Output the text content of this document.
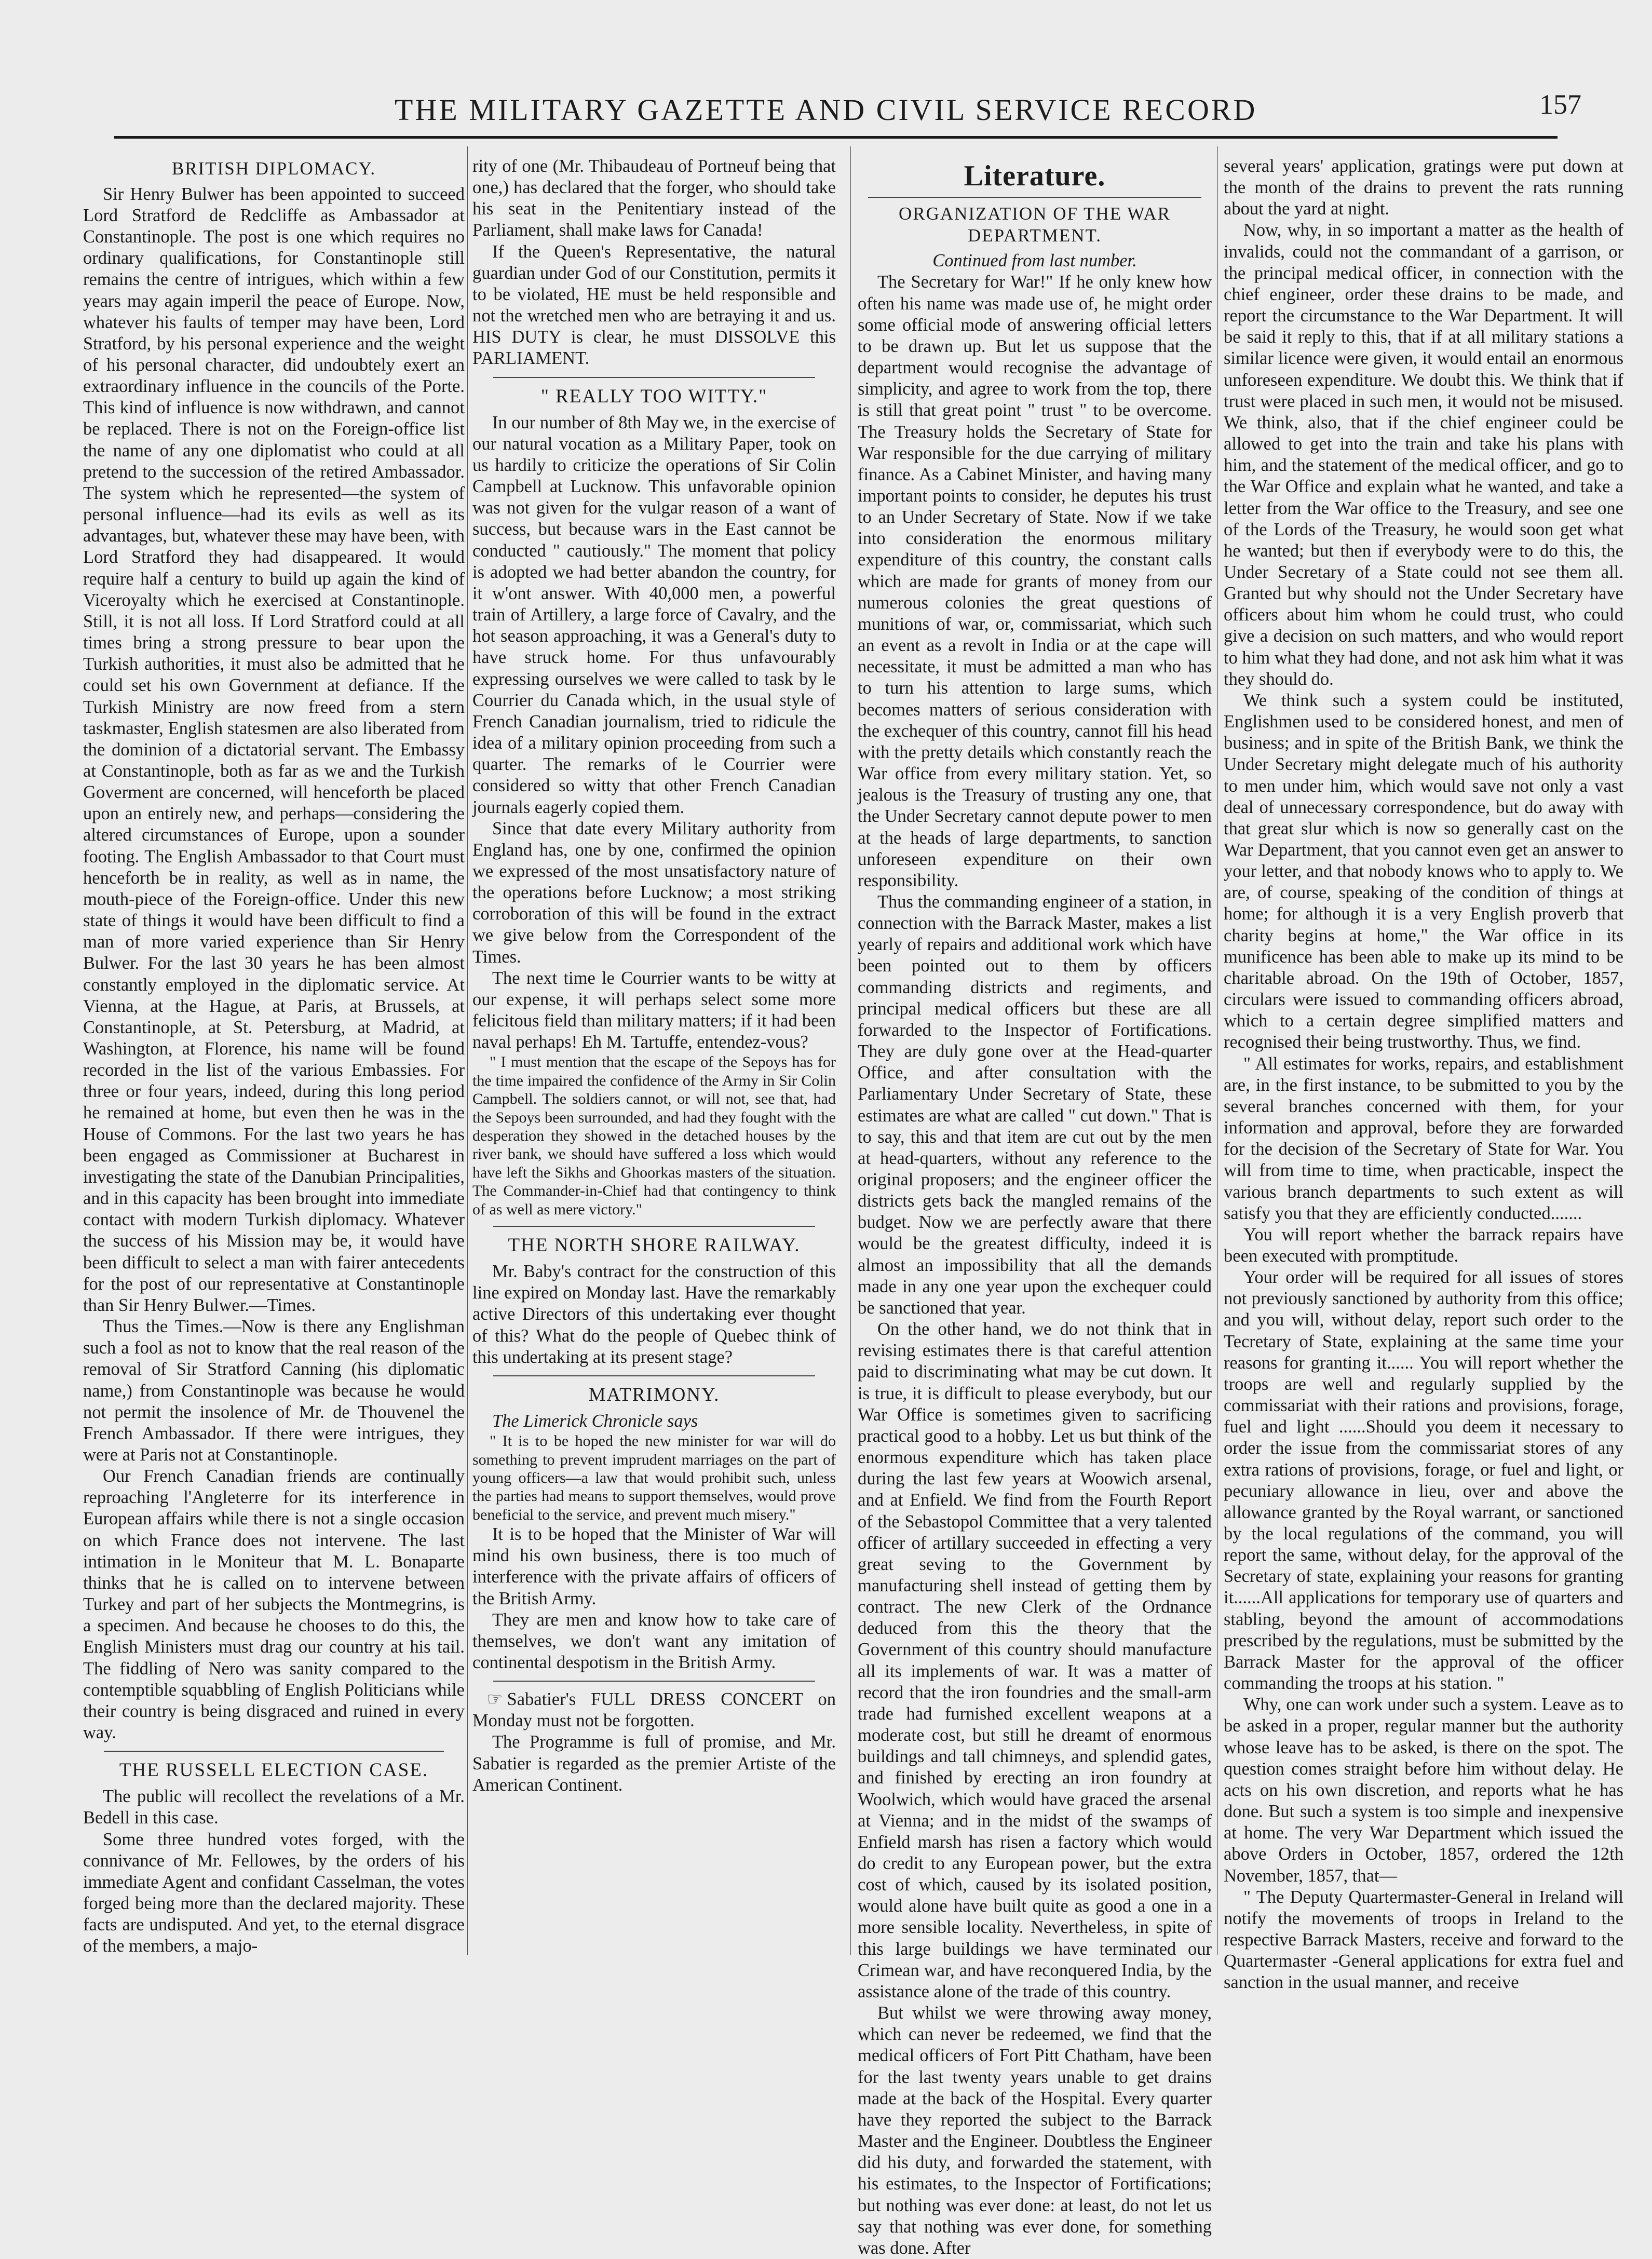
THE MILITARY GAZETTE AND CIVIL SERVICE RECORD	157
BRITISH DIPLOMACY.

Sir Henry Bulwer has been appointed to succeed Lord Stratford de Redcliffe as Ambassador at Constantinople. The post is one which requires no ordinary qualifications, for Constantinople still remains the centre of intrigues, which within a few years may again imperil the peace of Europe. Now, whatever his faults of temper may have been, Lord Stratford, by his personal experience and the weight of his personal character, did undoubtely exert an extraordinary influence in the councils of the Porte. This kind of influence is now withdrawn, and cannot be replaced. There is not on the Foreign-office list the name of any one diplomatist who could at all pretend to the succession of the retired Ambassador. The system which he represented—the system of personal influence—had its evils as well as its advantages, but, whatever these may have been, with Lord Stratford they had disappeared. It would require half a century to build up again the kind of Viceroyalty which he exercised at Constantinople. Still, it is not all loss. If Lord Stratford could at all times bring a strong pressure to bear upon the Turkish authorities, it must also be admitted that he could set his own Government at defiance. If the Turkish Ministry are now freed from a stern taskmaster, English statesmen are also liberated from the dominion of a dictatorial servant. The Embassy at Constantinople, both as far as we and the Turkish Goverment are concerned, will henceforth be placed upon an entirely new, and perhaps—considering the altered circumstances of Europe, upon a sounder footing. The English Ambassador to that Court must henceforth be in reality, as well as in name, the mouth-piece of the Foreign-office. Under this new state of things it would have been difficult to find a man of more varied experience than Sir Henry Bulwer. For the last 30 years he has been almost constantly employed in the diplomatic service. At Vienna, at the Hague, at Paris, at Brussels, at Constantinople, at St. Petersburg, at Madrid, at Washington, at Florence, his name will be found recorded in the list of the various Embassies. For three or four years, indeed, during this long period he remained at home, but even then he was in the House of Commons. For the last two years he has been engaged as Commissioner at Bucharest in investigating the state of the Danubian Principalities, and in this capacity has been brought into immediate contact with modern Turkish diplomacy. Whatever the success of his Mission may be, it would have been difficult to select a man with fairer antecedents for the post of our representative at Constantinople than Sir Henry Bulwer.—Times.

Thus the Times.—Now is there any Englishman such a fool as not to know that the real reason of the removal of Sir Stratford Canning (his diplomatic name,) from Constantinople was because he would not permit the insolence of Mr. de Thouvenel the French Ambassador. If there were intrigues, they were at Paris not at Constantinople.

Our French Canadian friends are continually reproaching l'Angleterre for its interference in European affairs while there is not a single occasion on which France does not intervene. The last intimation in le Moniteur that M. L. Bonaparte thinks that he is called on to intervene between Turkey and part of her subjects the Montmegrins, is a specimen. And because he chooses to do this, the English Ministers must drag our country at his tail. The fiddling of Nero was sanity compared to the contemptible squabbling of English Politicians while their country is being disgraced and ruined in every way.

THE RUSSELL ELECTION CASE.

The public will recollect the revelations of a Mr. Bedell in this case.

Some three hundred votes forged, with the connivance of Mr. Fellowes, by the orders of his immediate Agent and confidant Casselman, the votes forged being more than the declared majority. These facts are undisputed. And yet, to the eternal disgrace of the members, a majo-

rity of one (Mr. Thibaudeau of Portneuf being that one,) has declared that the forger, who should take his seat in the Penitentiary instead of the Parliament, shall make laws for Canada!

If the Queen's Representative, the natural guardian under God of our Constitution, permits it to be violated, HE must be held responsible and not the wretched men who are betraying it and us. HIS DUTY is clear, he must DISSOLVE this PARLIAMENT.

" REALLY TOO WITTY."

In our number of 8th May we, in the exercise of our natural vocation as a Military Paper, took on us hardily to criticize the operations of Sir Colin Campbell at Lucknow. This unfavorable opinion was not given for the vulgar reason of a want of success, but because wars in the East cannot be conducted " cautiously." The moment that policy is adopted we had better abandon the country, for it w'ont answer. With 40,000 men, a powerful train of Artillery, a large force of Cavalry, and the hot season approaching, it was a General's duty to have struck home. For thus unfavourably expressing ourselves we were called to task by le Courrier du Canada which, in the usual style of French Canadian journalism, tried to ridicule the idea of a military opinion proceeding from such a quarter. The remarks of le Courrier were considered so witty that other French Canadian journals eagerly copied them.

Since that date every Military authority from England has, one by one, confirmed the opinion we expressed of the most unsatisfactory nature of the operations before Lucknow; a most striking corroboration of this will be found in the extract we give below from the Correspondent of the Times.

The next time le Courrier wants to be witty at our expense, it will perhaps select some more felicitous field than military matters; if it had been naval perhaps! Eh M. Tartuffe, entendez-vous?

" I must mention that the escape of the Sepoys has for the time impaired the confidence of the Army in Sir Colin Campbell. The soldiers cannot, or will not, see that, had the Sepoys been surrounded, and had they fought with the desperation they showed in the detached houses by the river bank, we should have suffered a loss which would have left the Sikhs and Ghoorkas masters of the situation. The Commander-in-Chief had that contingency to think of as well as mere victory."

THE NORTH SHORE RAILWAY.

Mr. Baby's contract for the construction of this line expired on Monday last. Have the remarkably active Directors of this undertaking ever thought of this? What do the people of Quebec think of this undertaking at its present stage?

MATRIMONY.

The Limerick Chronicle says

" It is to be hoped the new minister for war will do something to prevent imprudent marriages on the part of young officers—a law that would prohibit such, unless the parties had means to support themselves, would prove beneficial to the service, and prevent much misery."

It is to be hoped that the Minister of War will mind his own business, there is too much of interference with the private affairs of officers of the British Army.

They are men and know how to take care of themselves, we don't want any imitation of continental despotism in the British Army.

☞ Sabatier's FULL DRESS CONCERT on Monday must not be forgotten.

The Programme is full of promise, and Mr. Sabatier is regarded as the premier Artiste of the American Continent.

Literature.
ORGANIZATION OF THE WAR DEPARTMENT.

Continued from last number.

The Secretary for War!" If he only knew how often his name was made use of, he might order some official mode of answering official letters to be drawn up. But let us suppose that the department would recognise the advantage of simplicity, and agree to work from the top, there is still that great point " trust " to be overcome. The Treasury holds the Secretary of State for War responsible for the due carrying of military finance. As a Cabinet Minister, and having many important points to consider, he deputes his trust to an Under Secretary of State. Now if we take into consideration the enormous military expenditure of this country, the constant calls which are made for grants of money from our numerous colonies the great questions of munitions of war, or, commissariat, which such an event as a revolt in India or at the cape will necessitate, it must be admitted a man who has to turn his attention to large sums, which becomes matters of serious consideration with the exchequer of this country, cannot fill his head with the pretty details which constantly reach the War office from every military station. Yet, so jealous is the Treasury of trusting any one, that the Under Secretary cannot depute power to men at the heads of large departments, to sanction unforeseen expenditure on their own responsibility.

Thus the commanding engineer of a station, in connection with the Barrack Master, makes a list yearly of repairs and additional work which have been pointed out to them by officers commanding districts and regiments, and principal medical officers but these are all forwarded to the Inspector of Fortifications. They are duly gone over at the Head-quarter Office, and after consultation with the Parliamentary Under Secretary of State, these estimates are what are called " cut down." That is to say, this and that item are cut out by the men at head-quarters, without any reference to the original proposers; and the engineer officer the districts gets back the mangled remains of the budget. Now we are perfectly aware that there would be the greatest difficulty, indeed it is almost an impossibility that all the demands made in any one year upon the exchequer could be sanctioned that year.

On the other hand, we do not think that in revising estimates there is that careful attention paid to discriminating what may be cut down. It is true, it is difficult to please everybody, but our War Office is sometimes given to sacrificing practical good to a hobby. Let us but think of the enormous expenditure which has taken place during the last few years at Woowich arsenal, and at Enfield. We find from the Fourth Report of the Sebastopol Committee that a very talented officer of artillary succeeded in effecting a very great seving to the Government by manufacturing shell instead of getting them by contract. The new Clerk of the Ordnance deduced from this the theory that the Government of this country should manufacture all its implements of war. It was a matter of record that the iron foundries and the small-arm trade had furnished excellent weapons at a moderate cost, but still he dreamt of enormous buildings and tall chimneys, and splendid gates, and finished by erecting an iron foundry at Woolwich, which would have graced the arsenal at Vienna; and in the midst of the swamps of Enfield marsh has risen a factory which would do credit to any European power, but the extra cost of which, caused by its isolated position, would alone have built quite as good a one in a more sensible locality. Nevertheless, in spite of this large buildings we have terminated our Crimean war, and have reconquered India, by the assistance alone of the trade of this country.

But whilst we were throwing away money, which can never be redeemed, we find that the medical officers of Fort Pitt Chatham, have been for the last twenty years unable to get drains made at the back of the Hospital. Every quarter have they reported the subject to the Barrack Master and the Engineer. Doubtless the Engineer did his duty, and forwarded the statement, with his estimates, to the Inspector of Fortifications; but nothing was ever done: at least, do not let us say that nothing was ever done, for something was done. After

several years' application, gratings were put down at the month of the drains to prevent the rats running about the yard at night.

Now, why, in so important a matter as the health of invalids, could not the commandant of a garrison, or the principal medical officer, in connection with the chief engineer, order these drains to be made, and report the circumstance to the War Department. It will be said it reply to this, that if at all military stations a similar licence were given, it would entail an enormous unforeseen expenditure. We doubt this. We think that if trust were placed in such men, it would not be misused. We think, also, that if the chief engineer could be allowed to get into the train and take his plans with him, and the statement of the medical officer, and go to the War Office and explain what he wanted, and take a letter from the War office to the Treasury, and see one of the Lords of the Treasury, he would soon get what he wanted; but then if everybody were to do this, the Under Secretary of a State could not see them all. Granted but why should not the Under Secretary have officers about him whom he could trust, who could give a decision on such matters, and who would report to him what they had done, and not ask him what it was they should do.

We think such a system could be instituted, Englishmen used to be considered honest, and men of business; and in spite of the British Bank, we think the Under Secretary might delegate much of his authority to men under him, which would save not only a vast deal of unnecessary correspondence, but do away with that great slur which is now so generally cast on the War Department, that you cannot even get an answer to your letter, and that nobody knows who to apply to. We are, of course, speaking of the condition of things at home; for although it is a very English proverb that charity begins at home," the War office in its munificence has been able to make up its mind to be charitable abroad. On the 19th of October, 1857, circulars were issued to commanding officers abroad, which to a certain degree simplified matters and recognised their being trustworthy. Thus, we find.

" All estimates for works, repairs, and establishment are, in the first instance, to be submitted to you by the several branches concerned with them, for your information and approval, before they are forwarded for the decision of the Secretary of State for War. You will from time to time, when practicable, inspect the various branch departments to such extent as will satisfy you that they are efficiently conducted.......

You will report whether the barrack repairs have been executed with promptitude.

Your order will be required for all issues of stores not previously sanctioned by authority from this office; and you will, without delay, report such order to the Tecretary of State, explaining at the same time your reasons for granting it...... You will report whether the troops are well and regularly supplied by the commissariat with their rations and provisions, forage, fuel and light ......Should you deem it necessary to order the issue from the commissariat stores of any extra rations of provisions, forage, or fuel and light, or pecuniary allowance in lieu, over and above the allowance granted by the Royal warrant, or sanctioned by the local regulations of the command, you will report the same, without delay, for the approval of the Secretary of state, explaining your reasons for granting it......All applications for temporary use of quarters and stabling, beyond the amount of accommodations prescribed by the regulations, must be submitted by the Barrack Master for the approval of the officer commanding the troops at his station. "

Why, one can work under such a system. Leave as to be asked in a proper, regular manner but the authority whose leave has to be asked, is there on the spot. The question comes straight before him without delay. He acts on his own discretion, and reports what he has done. But such a system is too simple and inexpensive at home. The very War Department which issued the above Orders in October, 1857, ordered the 12th November, 1857, that—

" The Deputy Quartermaster-General in Ireland will notify the movements of troops in Ireland to the respective Barrack Masters, receive and forward to the Quartermaster -General applications for extra fuel and sanction in the usual manner, and receive
